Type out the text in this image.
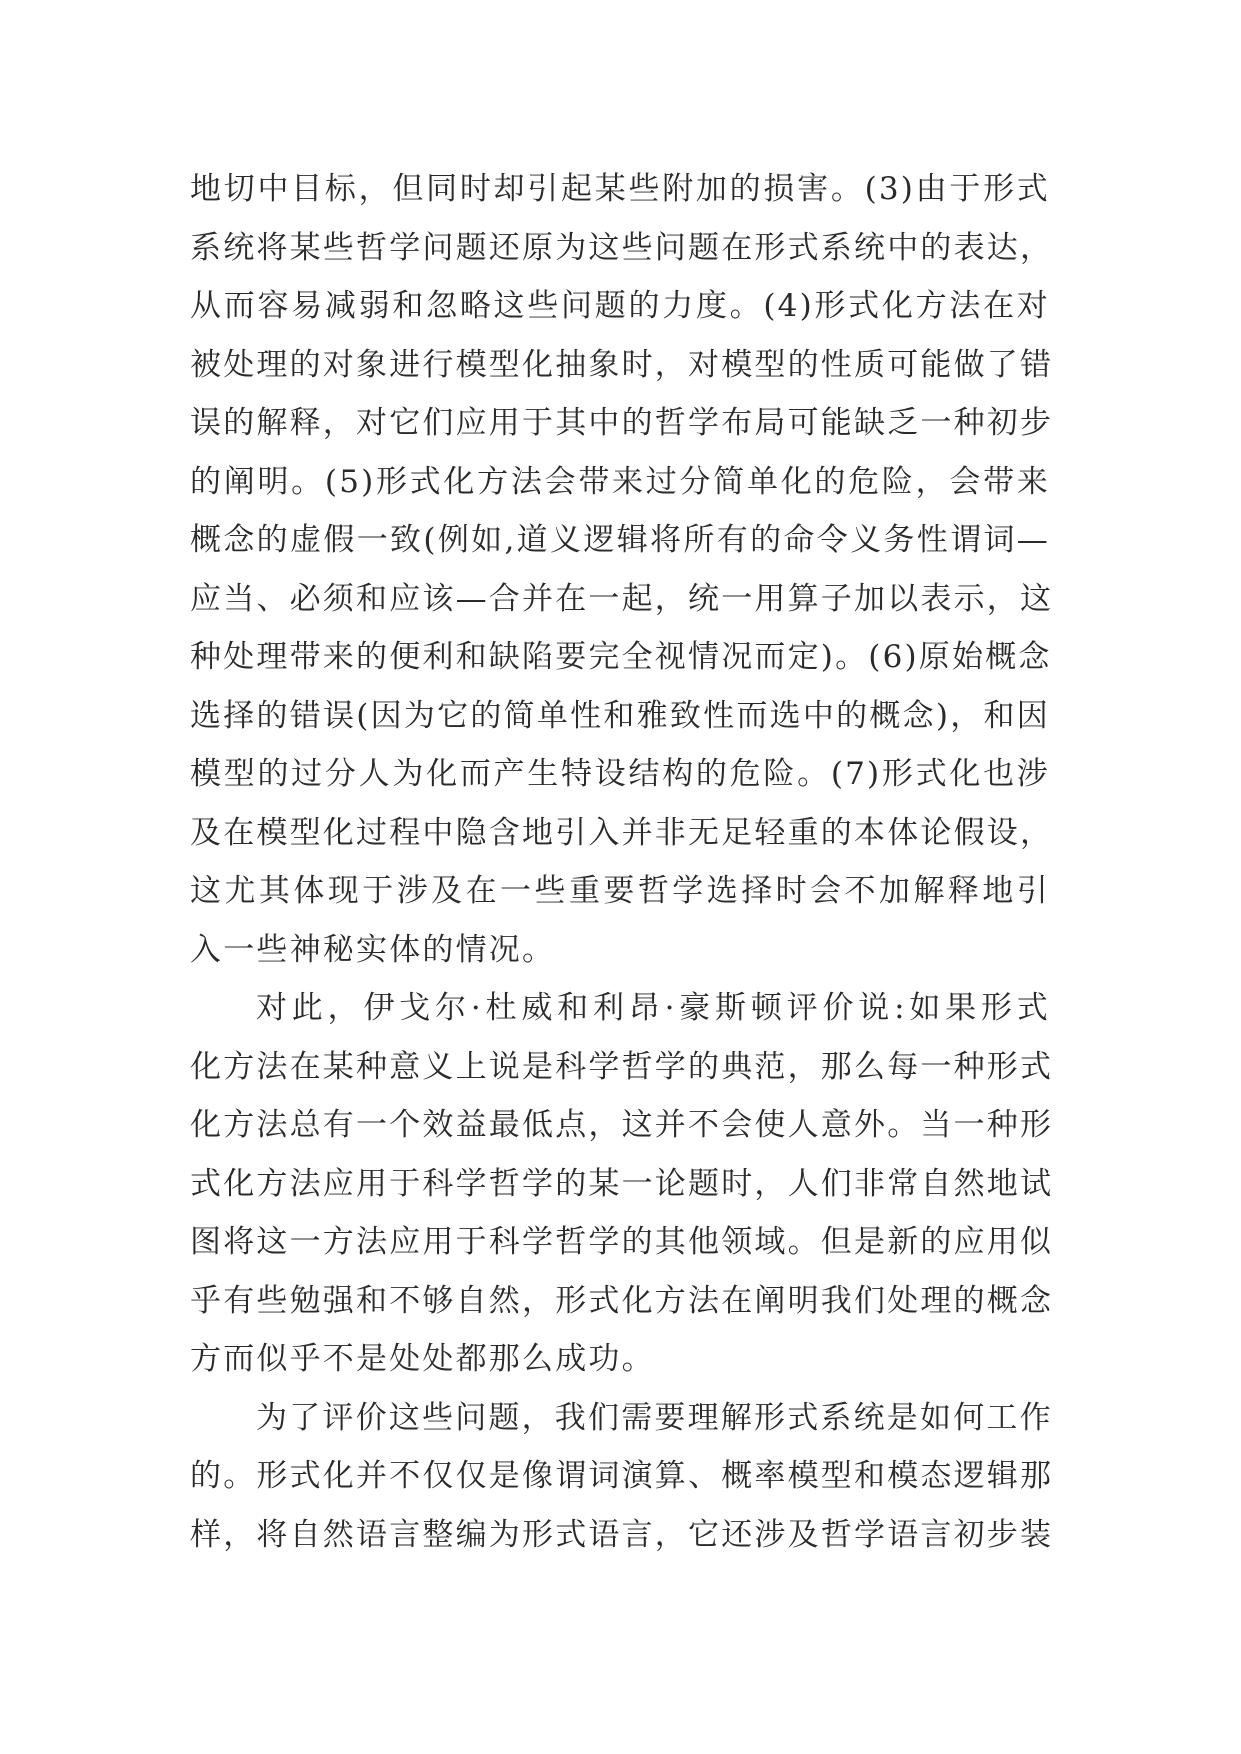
地切中目标，但同时却引起某些附加的损害。(3)由于形式
系统将某些哲学问题还原为这些问题在形式系统中的表达，
从而容易减弱和忽略这些问题的力度。(4)形式化方法在对
被处理的对象进行模型化抽象时，对模型的性质可能做了错
误的解释，对它们应用于其中的哲学布局可能缺乏一种初步
的阐明。(5)形式化方法会带来过分简单化的危险，会带来
概念的虚假一致(例如,道义逻辑将所有的命令义务性谓词—
应当、必须和应该—合并在一起，统一用算子加以表示，这
种处理带来的便利和缺陷要完全视情况而定)。(6)原始概念
选择的错误(因为它的简单性和雅致性而选中的概念)，和因
模型的过分人为化而产生特设结构的危险。(7)形式化也涉
及在模型化过程中隐含地引入并非无足轻重的本体论假设，
这尤其体现于涉及在一些重要哲学选择时会不加解释地引
入一些神秘实体的情况。
对此，伊戈尔·杜威和利昂·豪斯顿评价说:如果形式
化方法在某种意义上说是科学哲学的典范，那么每一种形式
化方法总有一个效益最低点，这并不会使人意外。当一种形
式化方法应用于科学哲学的某一论题时，人们非常自然地试
图将这一方法应用于科学哲学的其他领域。但是新的应用似
乎有些勉强和不够自然，形式化方法在阐明我们处理的概念
方而似乎不是处处都那么成功。
为了评价这些问题，我们需要理解形式系统是如何工作
的。形式化并不仅仅是像谓词演算、概率模型和模态逻辑那
样，将自然语言整编为形式语言，它还涉及哲学语言初步装
